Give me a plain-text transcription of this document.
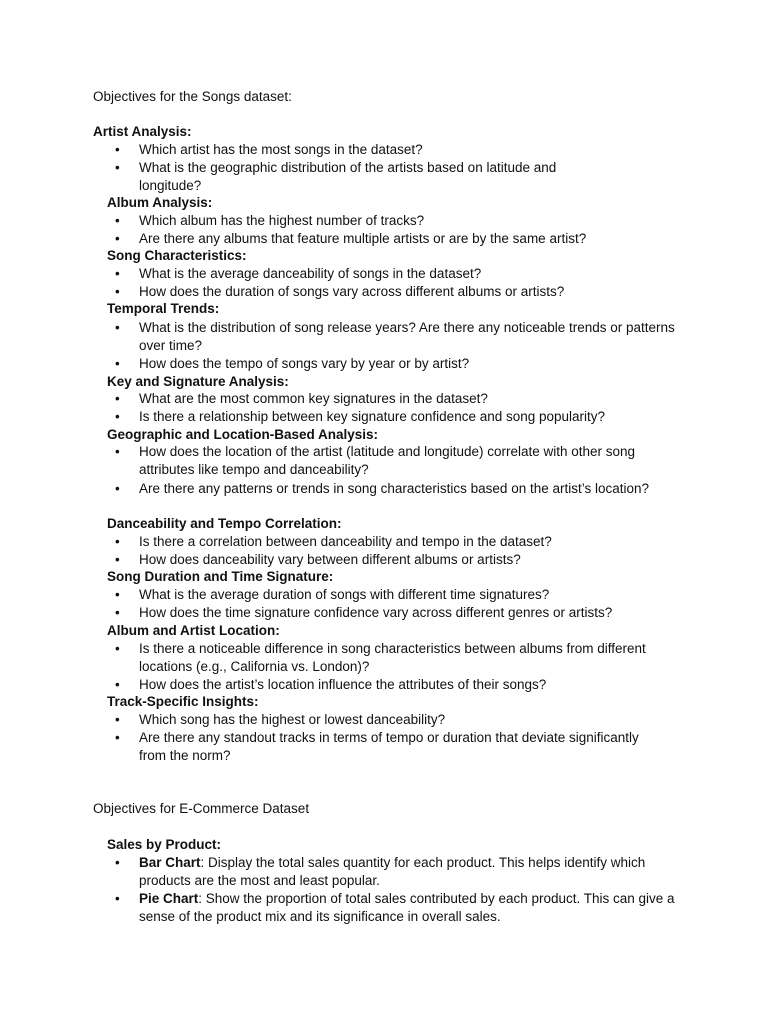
Objectives for the Songs dataset:
Artist Analysis:
• Which artist has the most songs in the dataset?
• What is the geographic distribution of the artists based on latitude and longitude?
Album Analysis:
• Which album has the highest number of tracks?
• Are there any albums that feature multiple artists or are by the same artist?
Song Characteristics:
• What is the average danceability of songs in the dataset?
• How does the duration of songs vary across different albums or artists?
Temporal Trends:
• What is the distribution of song release years? Are there any noticeable trends or patterns over time?
• How does the tempo of songs vary by year or by artist?
Key and Signature Analysis:
• What are the most common key signatures in the dataset?
• Is there a relationship between key signature confidence and song popularity?
Geographic and Location-Based Analysis:
• How does the location of the artist (latitude and longitude) correlate with other song attributes like tempo and danceability?
• Are there any patterns or trends in song characteristics based on the artist’s location?
Danceability and Tempo Correlation:
• Is there a correlation between danceability and tempo in the dataset?
• How does danceability vary between different albums or artists?
Song Duration and Time Signature:
• What is the average duration of songs with different time signatures?
• How does the time signature confidence vary across different genres or artists?
Album and Artist Location:
• Is there a noticeable difference in song characteristics between albums from different locations (e.g., California vs. London)?
• How does the artist’s location influence the attributes of their songs?
Track-Specific Insights:
• Which song has the highest or lowest danceability?
• Are there any standout tracks in terms of tempo or duration that deviate significantly from the norm?
Objectives for E-Commerce Dataset
Sales by Product:
• Bar Chart: Display the total sales quantity for each product. This helps identify which products are the most and least popular.
• Pie Chart: Show the proportion of total sales contributed by each product. This can give a sense of the product mix and its significance in overall sales.
